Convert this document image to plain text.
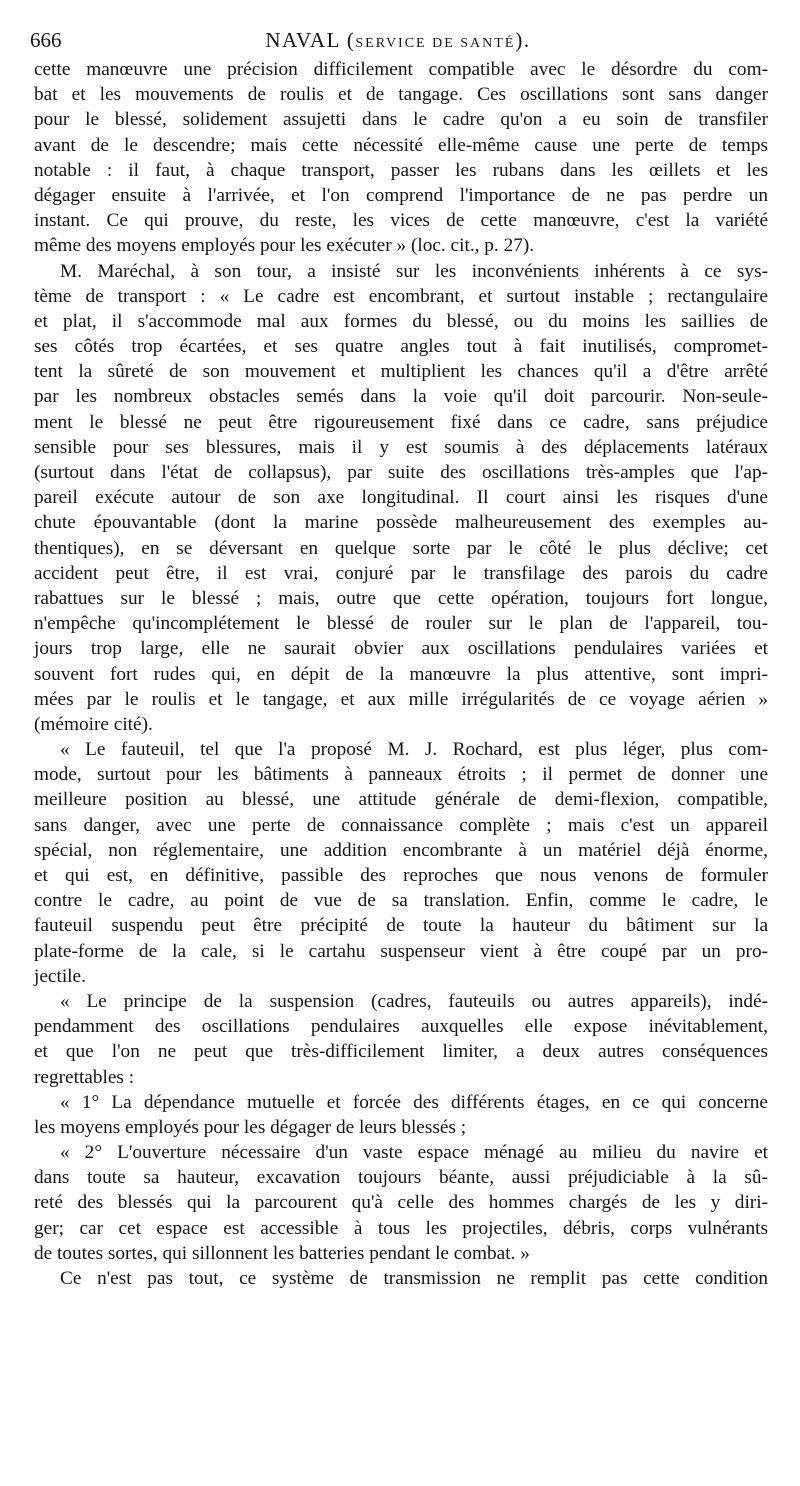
666	NAVAL (SERVICE DE SANTÉ).
cette manœuvre une précision difficilement compatible avec le désordre du com-
bat et les mouvements de roulis et de tangage. Ces oscillations sont sans danger
pour le blessé, solidement assujetti dans le cadre qu'on a eu soin de transfiler
avant de le descendre; mais cette nécessité elle-même cause une perte de temps
notable : il faut, à chaque transport, passer les rubans dans les œillets et les
dégager ensuite à l'arrivée, et l'on comprend l'importance de ne pas perdre un
instant. Ce qui prouve, du reste, les vices de cette manœuvre, c'est la variété
même des moyens employés pour les exécuter » (loc. cit., p. 27).
M. Maréchal, à son tour, a insisté sur les inconvénients inhérents à ce sys-
tème de transport : « Le cadre est encombrant, et surtout instable ; rectangulaire
et plat, il s'accommode mal aux formes du blessé, ou du moins les saillies de
ses côtés trop écartées, et ses quatre angles tout à fait inutilisés, compromet-
tent la sûreté de son mouvement et multiplient les chances qu'il a d'être arrêté
par les nombreux obstacles semés dans la voie qu'il doit parcourir. Non-seule-
ment le blessé ne peut être rigoureusement fixé dans ce cadre, sans préjudice
sensible pour ses blessures, mais il y est soumis à des déplacements latéraux
(surtout dans l'état de collapsus), par suite des oscillations très-amples que l'ap-
pareil exécute autour de son axe longitudinal. Il court ainsi les risques d'une
chute épouvantable (dont la marine possède malheureusement des exemples au-
thentiques), en se déversant en quelque sorte par le côté le plus déclive; cet
accident peut être, il est vrai, conjuré par le transfilage des parois du cadre
rabattues sur le blessé ; mais, outre que cette opération, toujours fort longue,
n'empêche qu'incomplétement le blessé de rouler sur le plan de l'appareil, tou-
jours trop large, elle ne saurait obvier aux oscillations pendulaires variées et
souvent fort rudes qui, en dépit de la manœuvre la plus attentive, sont impri-
mées par le roulis et le tangage, et aux mille irrégularités de ce voyage aérien »
(mémoire cité).
« Le fauteuil, tel que l'a proposé M. J. Rochard, est plus léger, plus com-
mode, surtout pour les bâtiments à panneaux étroits ; il permet de donner une
meilleure position au blessé, une attitude générale de demi-flexion, compatible,
sans danger, avec une perte de connaissance complète ; mais c'est un appareil
spécial, non réglementaire, une addition encombrante à un matériel déjà énorme,
et qui est, en définitive, passible des reproches que nous venons de formuler
contre le cadre, au point de vue de sa translation. Enfin, comme le cadre, le
fauteuil suspendu peut être précipité de toute la hauteur du bâtiment sur la
plate-forme de la cale, si le cartahu suspenseur vient à être coupé par un pro-
jectile.
« Le principe de la suspension (cadres, fauteuils ou autres appareils), indé-
pendamment des oscillations pendulaires auxquelles elle expose inévitablement,
et que l'on ne peut que très-difficilement limiter, a deux autres conséquences
regrettables :
« 1° La dépendance mutuelle et forcée des différents étages, en ce qui concerne
les moyens employés pour les dégager de leurs blessés ;
« 2° L'ouverture nécessaire d'un vaste espace ménagé au milieu du navire et
dans toute sa hauteur, excavation toujours béante, aussi préjudiciable à la sû-
reté des blessés qui la parcourent qu'à celle des hommes chargés de les y diri-
ger; car cet espace est accessible à tous les projectiles, débris, corps vulnérants
de toutes sortes, qui sillonnent les batteries pendant le combat. »
Ce n'est pas tout, ce système de transmission ne remplit pas cette condition
